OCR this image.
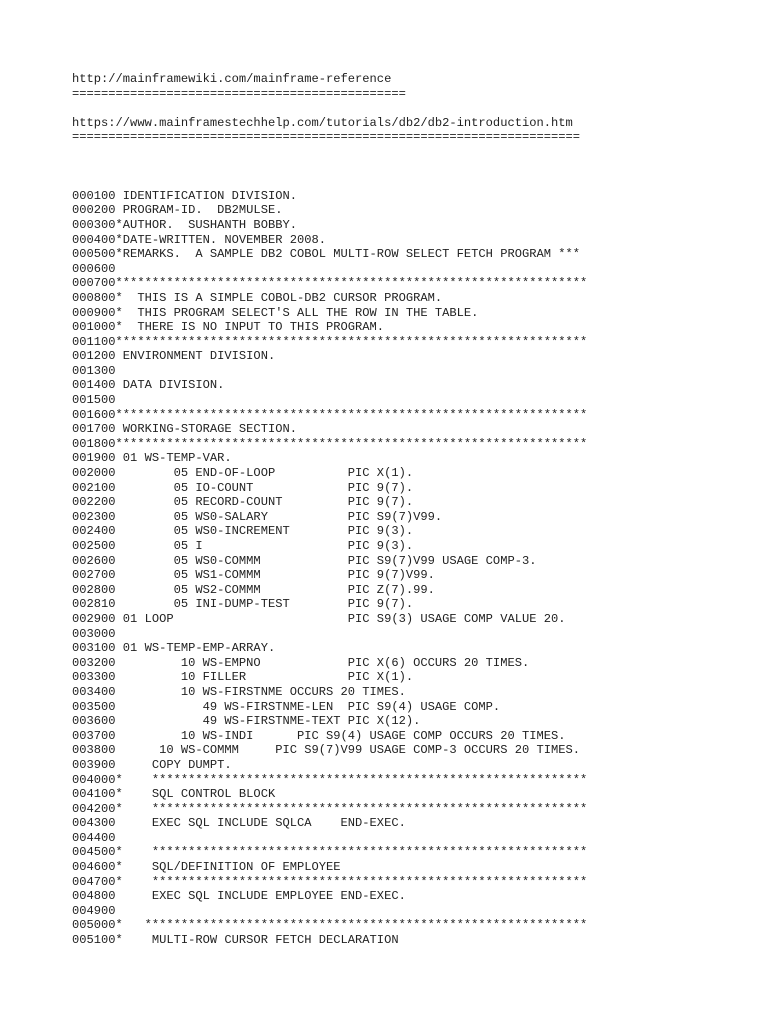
http://mainframewiki.com/mainframe-reference
==============================================
https://www.mainframestechhelp.com/tutorials/db2/db2-introduction.htm
======================================================================
000100 IDENTIFICATION DIVISION.
000200 PROGRAM-ID.  DB2MULSE.
000300*AUTHOR.  SUSHANTH BOBBY.
000400*DATE-WRITTEN. NOVEMBER 2008.
000500*REMARKS.  A SAMPLE DB2 COBOL MULTI-ROW SELECT FETCH PROGRAM ***
000600
000700*****************************************************************
000800*  THIS IS A SIMPLE COBOL-DB2 CURSOR PROGRAM.
000900*  THIS PROGRAM SELECT'S ALL THE ROW IN THE TABLE.
001000*  THERE IS NO INPUT TO THIS PROGRAM.
001100*****************************************************************
001200 ENVIRONMENT DIVISION.
001300
001400 DATA DIVISION.
001500
001600*****************************************************************
001700 WORKING-STORAGE SECTION.
001800*****************************************************************
001900 01 WS-TEMP-VAR.
002000        05 END-OF-LOOP          PIC X(1).
002100        05 IO-COUNT             PIC 9(7).
002200        05 RECORD-COUNT         PIC 9(7).
002300        05 WS0-SALARY           PIC S9(7)V99.
002400        05 WS0-INCREMENT        PIC 9(3).
002500        05 I                    PIC 9(3).
002600        05 WS0-COMMM            PIC S9(7)V99 USAGE COMP-3.
002700        05 WS1-COMMM            PIC 9(7)V99.
002800        05 WS2-COMMM            PIC Z(7).99.
002810        05 INI-DUMP-TEST        PIC 9(7).
002900 01 LOOP                        PIC S9(3) USAGE COMP VALUE 20.
003000
003100 01 WS-TEMP-EMP-ARRAY.
003200         10 WS-EMPNO            PIC X(6) OCCURS 20 TIMES.
003300         10 FILLER              PIC X(1).
003400         10 WS-FIRSTNME OCCURS 20 TIMES.
003500            49 WS-FIRSTNME-LEN  PIC S9(4) USAGE COMP.
003600            49 WS-FIRSTNME-TEXT PIC X(12).
003700         10 WS-INDI      PIC S9(4) USAGE COMP OCCURS 20 TIMES.
003800      10 WS-COMMM     PIC S9(7)V99 USAGE COMP-3 OCCURS 20 TIMES.
003900     COPY DUMPT.
004000*    ************************************************************
004100*    SQL CONTROL BLOCK
004200*    ************************************************************
004300     EXEC SQL INCLUDE SQLCA    END-EXEC.
004400
004500*    ************************************************************
004600*    SQL/DEFINITION OF EMPLOYEE
004700*    ************************************************************
004800     EXEC SQL INCLUDE EMPLOYEE END-EXEC.
004900
005000*   *************************************************************
005100*    MULTI-ROW CURSOR FETCH DECLARATION
